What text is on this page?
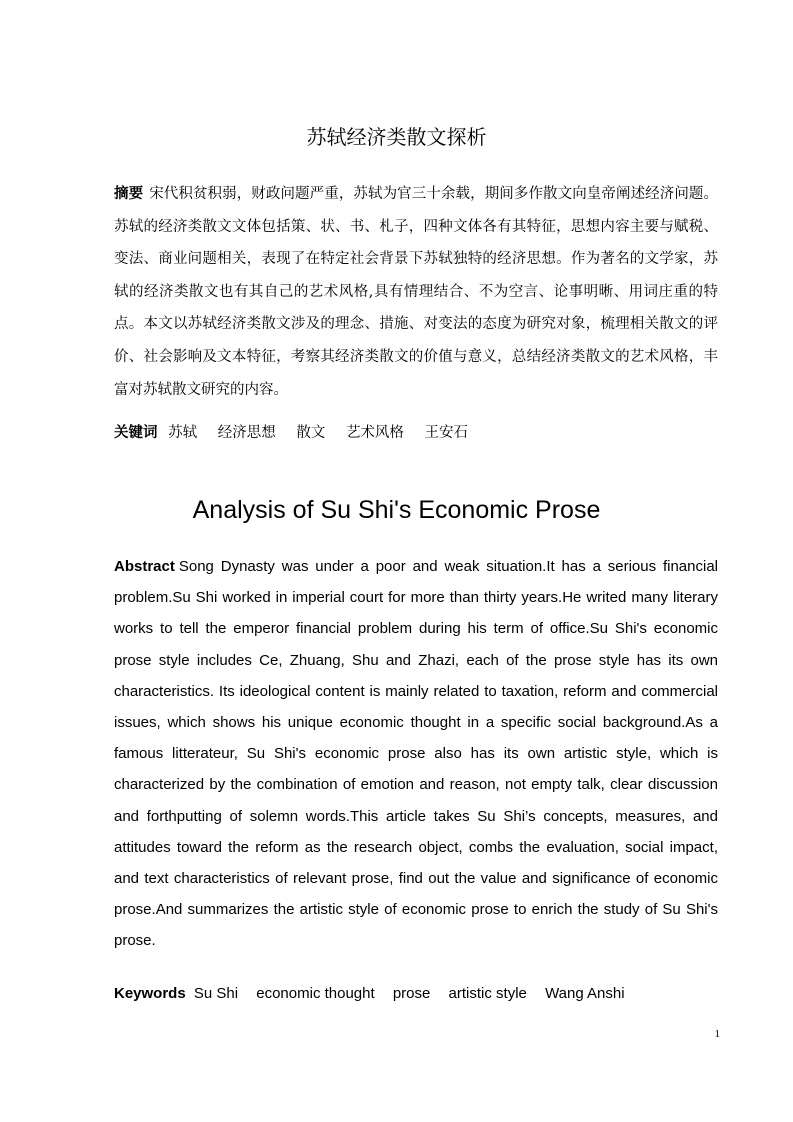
苏轼经济类散文探析

摘要 宋代积贫积弱，财政问题严重，苏轼为官三十余载，期间多作散文向皇帝阐述经济问题。苏轼的经济类散文文体包括策、状、书、札子，四种文体各有其特征，思想内容主要与赋税、变法、商业问题相关，表现了在特定社会背景下苏轼独特的经济思想。作为著名的文学家，苏轼的经济类散文也有其自己的艺术风格,具有情理结合、不为空言、论事明晰、用词庄重的特点。本文以苏轼经济类散文涉及的理念、措施、对变法的态度为研究对象，梳理相关散文的评价、社会影响及文本特征，考察其经济类散文的价值与意义，总结经济类散文的艺术风格，丰富对苏轼散文研究的内容。

关键词 苏轼 经济思想 散文 艺术风格 王安石
Analysis of Su Shi's Economic Prose

Abstract Song Dynasty was under a poor and weak situation.It has a serious financial problem.Su Shi worked in imperial court for more than thirty years.He writed many literary works to tell the emperor financial problem during his term of office.Su Shi's economic prose style includes Ce, Zhuang, Shu and Zhazi, each of the prose style has its own characteristics. Its ideological content is mainly related to taxation, reform and commercial issues, which shows his unique economic thought in a specific social background.As a famous litterateur, Su Shi's economic prose also has its own artistic style, which is characterized by the combination of emotion and reason, not empty talk, clear discussion and forthputting of solemn words.This article takes Su Shi’s concepts, measures, and attitudes toward the reform as the research object, combs the evaluation, social impact, and text characteristics of relevant prose, find out the value and significance of economic prose.And summarizes the artistic style of economic prose to enrich the study of Su Shi's prose.

Keywords Su Shi economic thought prose artistic style Wang Anshi
1
